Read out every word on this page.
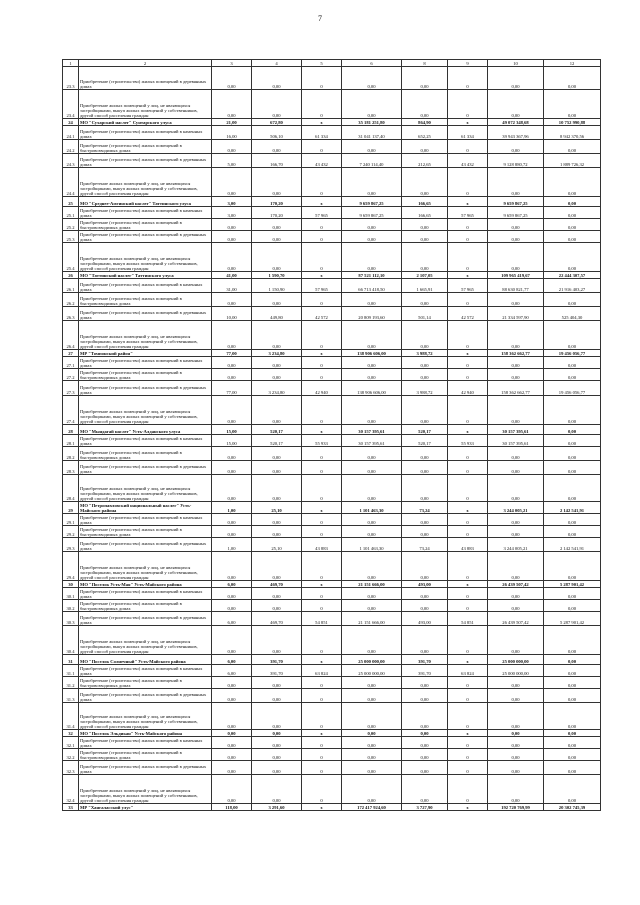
7
1	2	3	4	5	6	8	9	10	12
23.3	Приобретение (строительство) жилых помещений в деревянных домах	0,00	0,00	0	0,00	0,00	0	0,00	0,00
23.4	Приобретение жилых помещений у лиц, не являющихся застройщиками, выкуп жилых помещений у собственников, другой способ расселения граждан	0,00	0,00	0	0,00	0,00	0	0,00	0,00
24	МО "Сухарский наслег" Сунтарского улуса	21,00	672,80	x	35 181 251,80	864,90	x	49 072 348,68	10 752 990,88
24.1	Приобретение (строительство) жилых помещений в каменных домах	16,00	506,10	61 334	31 041 137,40	652,25	61 334	39 943 367,96	8 942 370,56
24.2	Приобретение (строительство) жилых помещений в быстровозводимых домах	0,00	0,00	0	0,00	0,00	0	0,00	0,00
24.3	Приобретение (строительство) жилых помещений в деревянных домах	5,00	166,70	43 432	7 240 114,40	212,65	43 432	9 128 880,72	1 889 726,32
24.4	Приобретение жилых помещений у лиц, не являющихся застройщиками, выкуп жилых помещений у собственников, другой способ расселения граждан	0,00	0,00	0	0,00	0,00	0	0,00	0,00
25	МО "Среднее-Амгинский наслег" Таттинского улуса	3,00	170,20	x	9 659 867,25	166,65	x	9 659 867,25	0,00
25.1	Приобретение (строительство) жилых помещений в каменных домах	3,00	170,20	57 965	9 659 867,25	166,65	57 965	9 659 867,25	0,00
25.2	Приобретение (строительство) жилых помещений в быстровозводимых домах	0,00	0,00	0	0,00	0,00	0	0,00	0,00
25.3	Приобретение (строительство) жилых помещений в деревянных домах	0,00	0,00	0	0,00	0,00	0	0,00	0,00
25.4	Приобретение жилых помещений у лиц, не являющихся застройщиками, выкуп жилых помещений у собственников, другой способ расселения граждан	0,00	0,00	0	0,00	0,00	0	0,00	0,00
26	МО "Таттинский наслег" Таттинского улуса	41,00	1 590,70	x	87 521 112,10	2 107,05	x	109 965 419,67	22 444 307,57
26.1	Приобретение (строительство) жилых помещений в каменных домах	31,00	1 150,90	57 965	66 713 418,50	1 665,91	57 965	88 630 821,77	21 916 403,27
26.2	Приобретение (строительство) жилых помещений в быстровозводимых домах	0,00	0,00	0	0,00	0,00	0	0,00	0,00
26.3	Приобретение (строительство) жилых помещений в деревянных домах	10,00	449,80	42 572	20 809 193,60	501,14	42 572	21 334 597,90	525 404,30
26.4	Приобретение жилых помещений у лиц, не являющихся застройщиками, выкуп жилых помещений у собственников, другой способ расселения граждан	0,00	0,00	0	0,00	0,00	0	0,00	0,00
27	МР "Томпонский район"	77,00	3 234,80	x	138 906 606,00	3 988,72	x	158 362 662,77	19 456 056,77
27.1	Приобретение (строительство) жилых помещений в каменных домах	0,00	0,00	0	0,00	0,00	0	0,00	0,00
27.2	Приобретение (строительство) жилых помещений в быстровозводимых домах	0,00	0,00	0	0,00	0,00	0	0,00	0,00
27.3	Приобретение (строительство) жилых помещений в деревянных домах	77,00	3 234,80	42 940	138 906 606,00	3 988,72	42 940	158 362 662,77	19 456 056,77
27.4	Приобретение жилых помещений у лиц, не являющихся застройщиками, выкуп жилых помещений у собственников, другой способ расселения граждан	0,00	0,00	0	0,00	0,00	0	0,00	0,00
28	МО "Мындагай наслег" Усть-Алданского улуса	15,00	520,17	x	30 157 395,61	520,17	x	30 157 395,61	0,00
28.1	Приобретение (строительство) жилых помещений в каменных домах	15,00	520,17	55 933	30 157 395,61	520,17	55 933	30 157 395,61	0,00
28.2	Приобретение (строительство) жилых помещений в быстровозводимых домах	0,00	0,00	0	0,00	0,00	0	0,00	0,00
28.3	Приобретение (строительство) жилых помещений в деревянных домах	0,00	0,00	0	0,00	0,00	0	0,00	0,00
28.4	Приобретение жилых помещений у лиц, не являющихся застройщиками, выкуп жилых помещений у собственников, другой способ расселения граждан	0,00	0,00	0	0,00	0,00	0	0,00	0,00
29	МО "Петропавловский национальный наслег" Усть-Майского района	1,00	25,10	x	1 101 463,30	73,24	x	3 244 005,21	2 142 541,91
29.1	Приобретение (строительство) жилых помещений в каменных домах	0,00	0,00	0	0,00	0,00	0	0,00	0,00
29.2	Приобретение (строительство) жилых помещений в быстровозводимых домах	0,00	0,00	0	0,00	0,00	0	0,00	0,00
29.3	Приобретение (строительство) жилых помещений в деревянных домах	1,00	25,10	43 883	1 101 463,30	73,24	43 883	3 244 005,21	2 142 541,91
29.4	Приобретение жилых помещений у лиц, не являющихся застройщиками, выкуп жилых помещений у собственников, другой способ расселения граждан	0,00	0,00	0	0,00	0,00	0	0,00	0,00
30	МО "Поселок Усть-Мая" Усть-Майского района	6,00	469,70	x	21 151 666,00	493,00	x	26 439 507,42	5 287 901,42
30.1	Приобретение (строительство) жилых помещений в каменных домах	0,00	0,00	0	0,00	0,00	0	0,00	0,00
30.2	Приобретение (строительство) жилых помещений в быстровозводимых домах	0,00	0,00	0	0,00	0,00	0	0,00	0,00
30.3	Приобретение (строительство) жилых помещений в деревянных домах	6,00	469,70	54 851	21 151 666,00	493,00	54 851	26 439 507,42	5 287 901,42
30.4	Приобретение жилых помещений у лиц, не являющихся застройщиками, выкуп жилых помещений у собственников, другой способ расселения граждан	0,00	0,00	0	0,00	0,00	0	0,00	0,00
31	МО "Поселок Солнечный" Усть-Майского района	6,00	391,70	x	25 000 000,00	391,70	x	25 000 000,00	0,00
31.1	Приобретение (строительство) жилых помещений в каменных домах	6,00	391,70	63 824	25 000 000,00	391,70	63 824	25 000 000,00	0,00
31.2	Приобретение (строительство) жилых помещений в быстровозводимых домах	0,00	0,00	0	0,00	0,00	0	0,00	0,00
31.3	Приобретение (строительство) жилых помещений в деревянных домах	0,00	0,00	0	0,00	0,00	0	0,00	0,00
31.4	Приобретение жилых помещений у лиц, не являющихся застройщиками, выкуп жилых помещений у собственников, другой способ расселения граждан	0,00	0,00	0	0,00	0,00	0	0,00	0,00
32	МО "Поселок Эльдикан" Усть-Майского района	0,00	0,00	x	0,00	0,00	x	0,00	0,00
32.1	Приобретение (строительство) жилых помещений в каменных домах	0,00	0,00	0	0,00	0,00	0	0,00	0,00
32.2	Приобретение (строительство) жилых помещений в быстровозводимых домах	0,00	0,00	0	0,00	0,00	0	0,00	0,00
32.3	Приобретение (строительство) жилых помещений в деревянных домах	0,00	0,00	0	0,00	0,00	0	0,00	0,00
32.4	Приобретение жилых помещений у лиц, не являющихся застройщиками, выкуп жилых помещений у собственников, другой способ расселения граждан	0,00	0,00	0	0,00	0,00	0	0,00	0,00
33	МР "Хангаласский улус"	118,00	3 291,60	x	172 417 924,60	3 727,90	x	192 720 769,99	20 302 745,39
